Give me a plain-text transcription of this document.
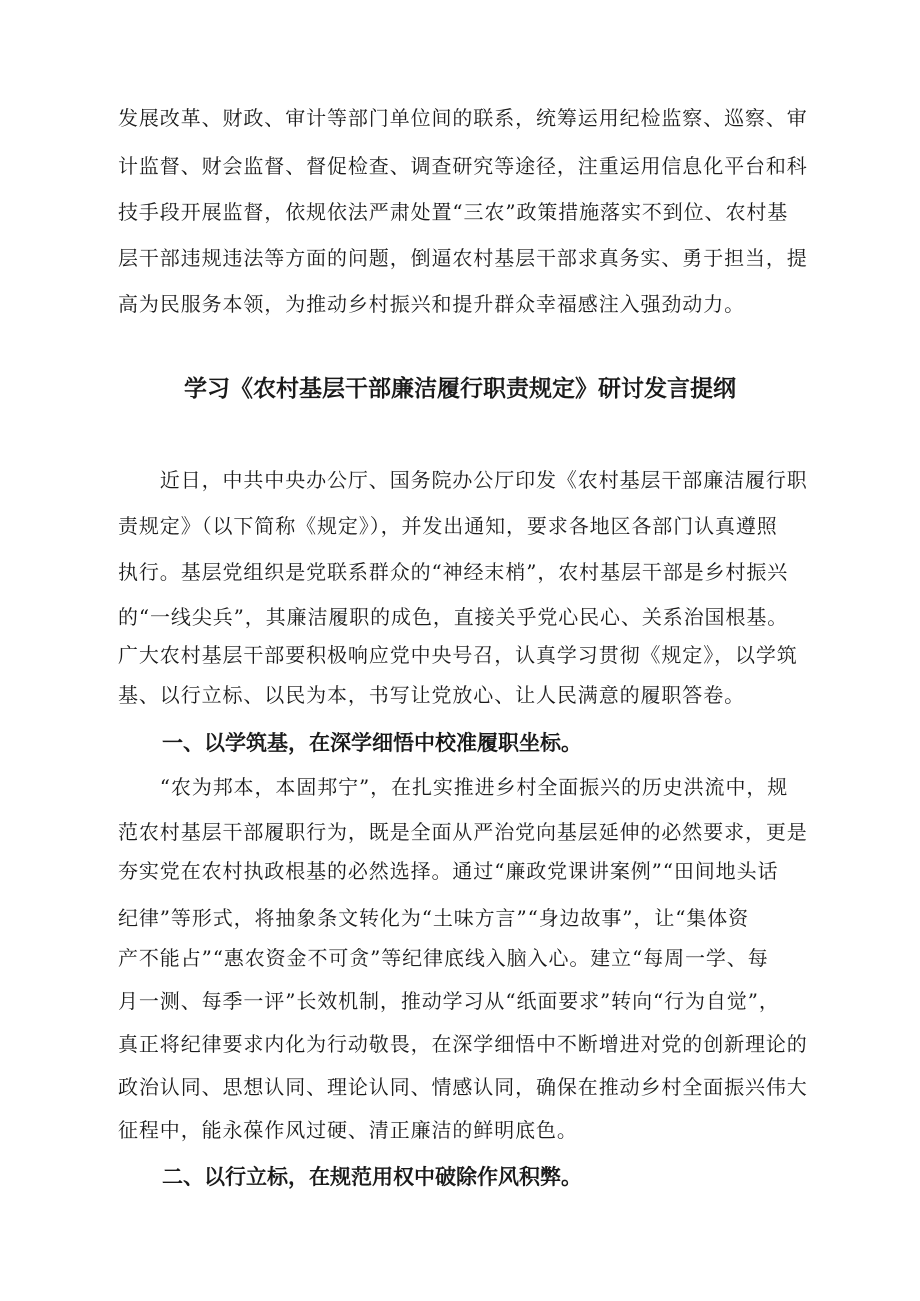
发展改革、财政、审计等部门单位间的联系，统筹运用纪检监察、巡察、审
计监督、财会监督、督促检查、调查研究等途径，注重运用信息化平台和科
技手段开展监督，依规依法严肃处置“三农”政策措施落实不到位、农村基
层干部违规违法等方面的问题，倒逼农村基层干部求真务实、勇于担当，提
高为民服务本领，为推动乡村振兴和提升群众幸福感注入强劲动力。
学习《农村基层干部廉洁履行职责规定》研讨发言提纲
　　近日，中共中央办公厅、国务院办公厅印发《农村基层干部廉洁履行职
责规定》（以下简称《规定》），并发出通知，要求各地区各部门认真遵照
执行。基层党组织是党联系群众的“神经末梢”，农村基层干部是乡村振兴
的“一线尖兵”，其廉洁履职的成色，直接关乎党心民心、关系治国根基。
广大农村基层干部要积极响应党中央号召，认真学习贯彻《规定》，以学筑
基、以行立标、以民为本，书写让党放心、让人民满意的履职答卷。
一、以学筑基，在深学细悟中校准履职坐标。
　　“农为邦本，本固邦宁”，在扎实推进乡村全面振兴的历史洪流中，规
范农村基层干部履职行为，既是全面从严治党向基层延伸的必然要求，更是
夯实党在农村执政根基的必然选择。通过“廉政党课讲案例”“田间地头话
纪律”等形式，将抽象条文转化为“土味方言”“身边故事”，让“集体资
产不能占”“惠农资金不可贪”等纪律底线入脑入心。建立“每周一学、每
月一测、每季一评”长效机制，推动学习从“纸面要求”转向“行为自觉”，
真正将纪律要求内化为行动敬畏，在深学细悟中不断增进对党的创新理论的
政治认同、思想认同、理论认同、情感认同，确保在推动乡村全面振兴伟大
征程中，能永葆作风过硬、清正廉洁的鲜明底色。
二、以行立标，在规范用权中破除作风积弊。
